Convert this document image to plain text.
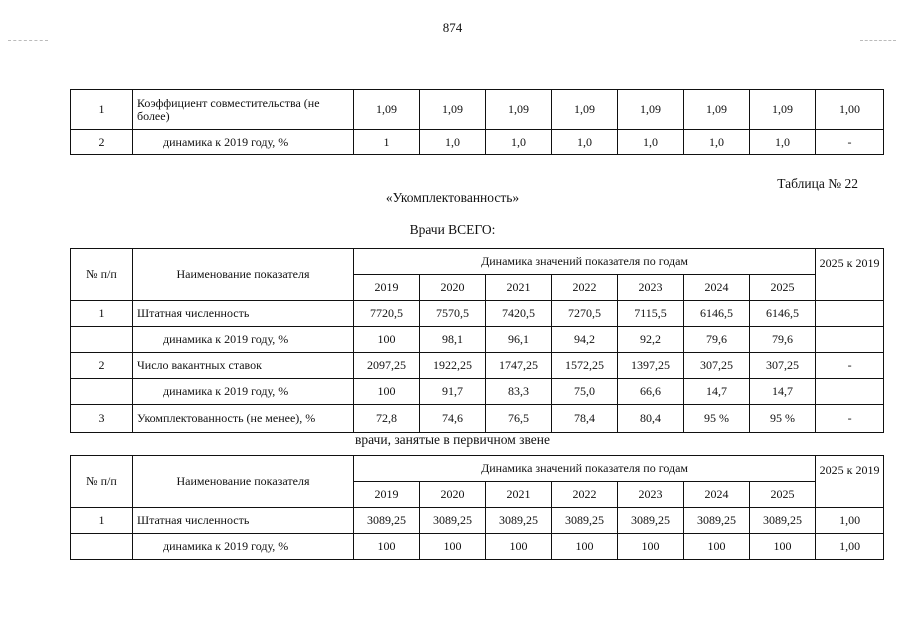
874
1	Коэффициент совместительства (не более)	1,09	1,09	1,09	1,09	1,09	1,09	1,09	1,00
2	динамика к 2019 году, %	1	1,0	1,0	1,0	1,0	1,0	1,0	-
Таблица № 22
«Укомплектованность»
Врачи ВСЕГО:
№ п/п	Наименование показателя	Динамика значений показателя по годам							2025 к 2019
		2019	2020	2021	2022	2023	2024	2025	
1	Штатная численность	7720,5	7570,5	7420,5	7270,5	7115,5	6146,5	6146,5	
	динамика к 2019 году, %	100	98,1	96,1	94,2	92,2	79,6	79,6	
2	Число вакантных ставок	2097,25	1922,25	1747,25	1572,25	1397,25	307,25	307,25	-
	динамика к 2019 году, %	100	91,7	83,3	75,0	66,6	14,7	14,7	
3	Укомплектованность (не менее), %	72,8	74,6	76,5	78,4	80,4	95 %	95 %	-
врачи, занятые в первичном звене
№ п/п	Наименование показателя	Динамика значений показателя по годам							2025 к 2019
		2019	2020	2021	2022	2023	2024	2025	
1	Штатная численность	3089,25	3089,25	3089,25	3089,25	3089,25	3089,25	3089,25	1,00
	динамика к 2019 году, %	100	100	100	100	100	100	100	1,00
